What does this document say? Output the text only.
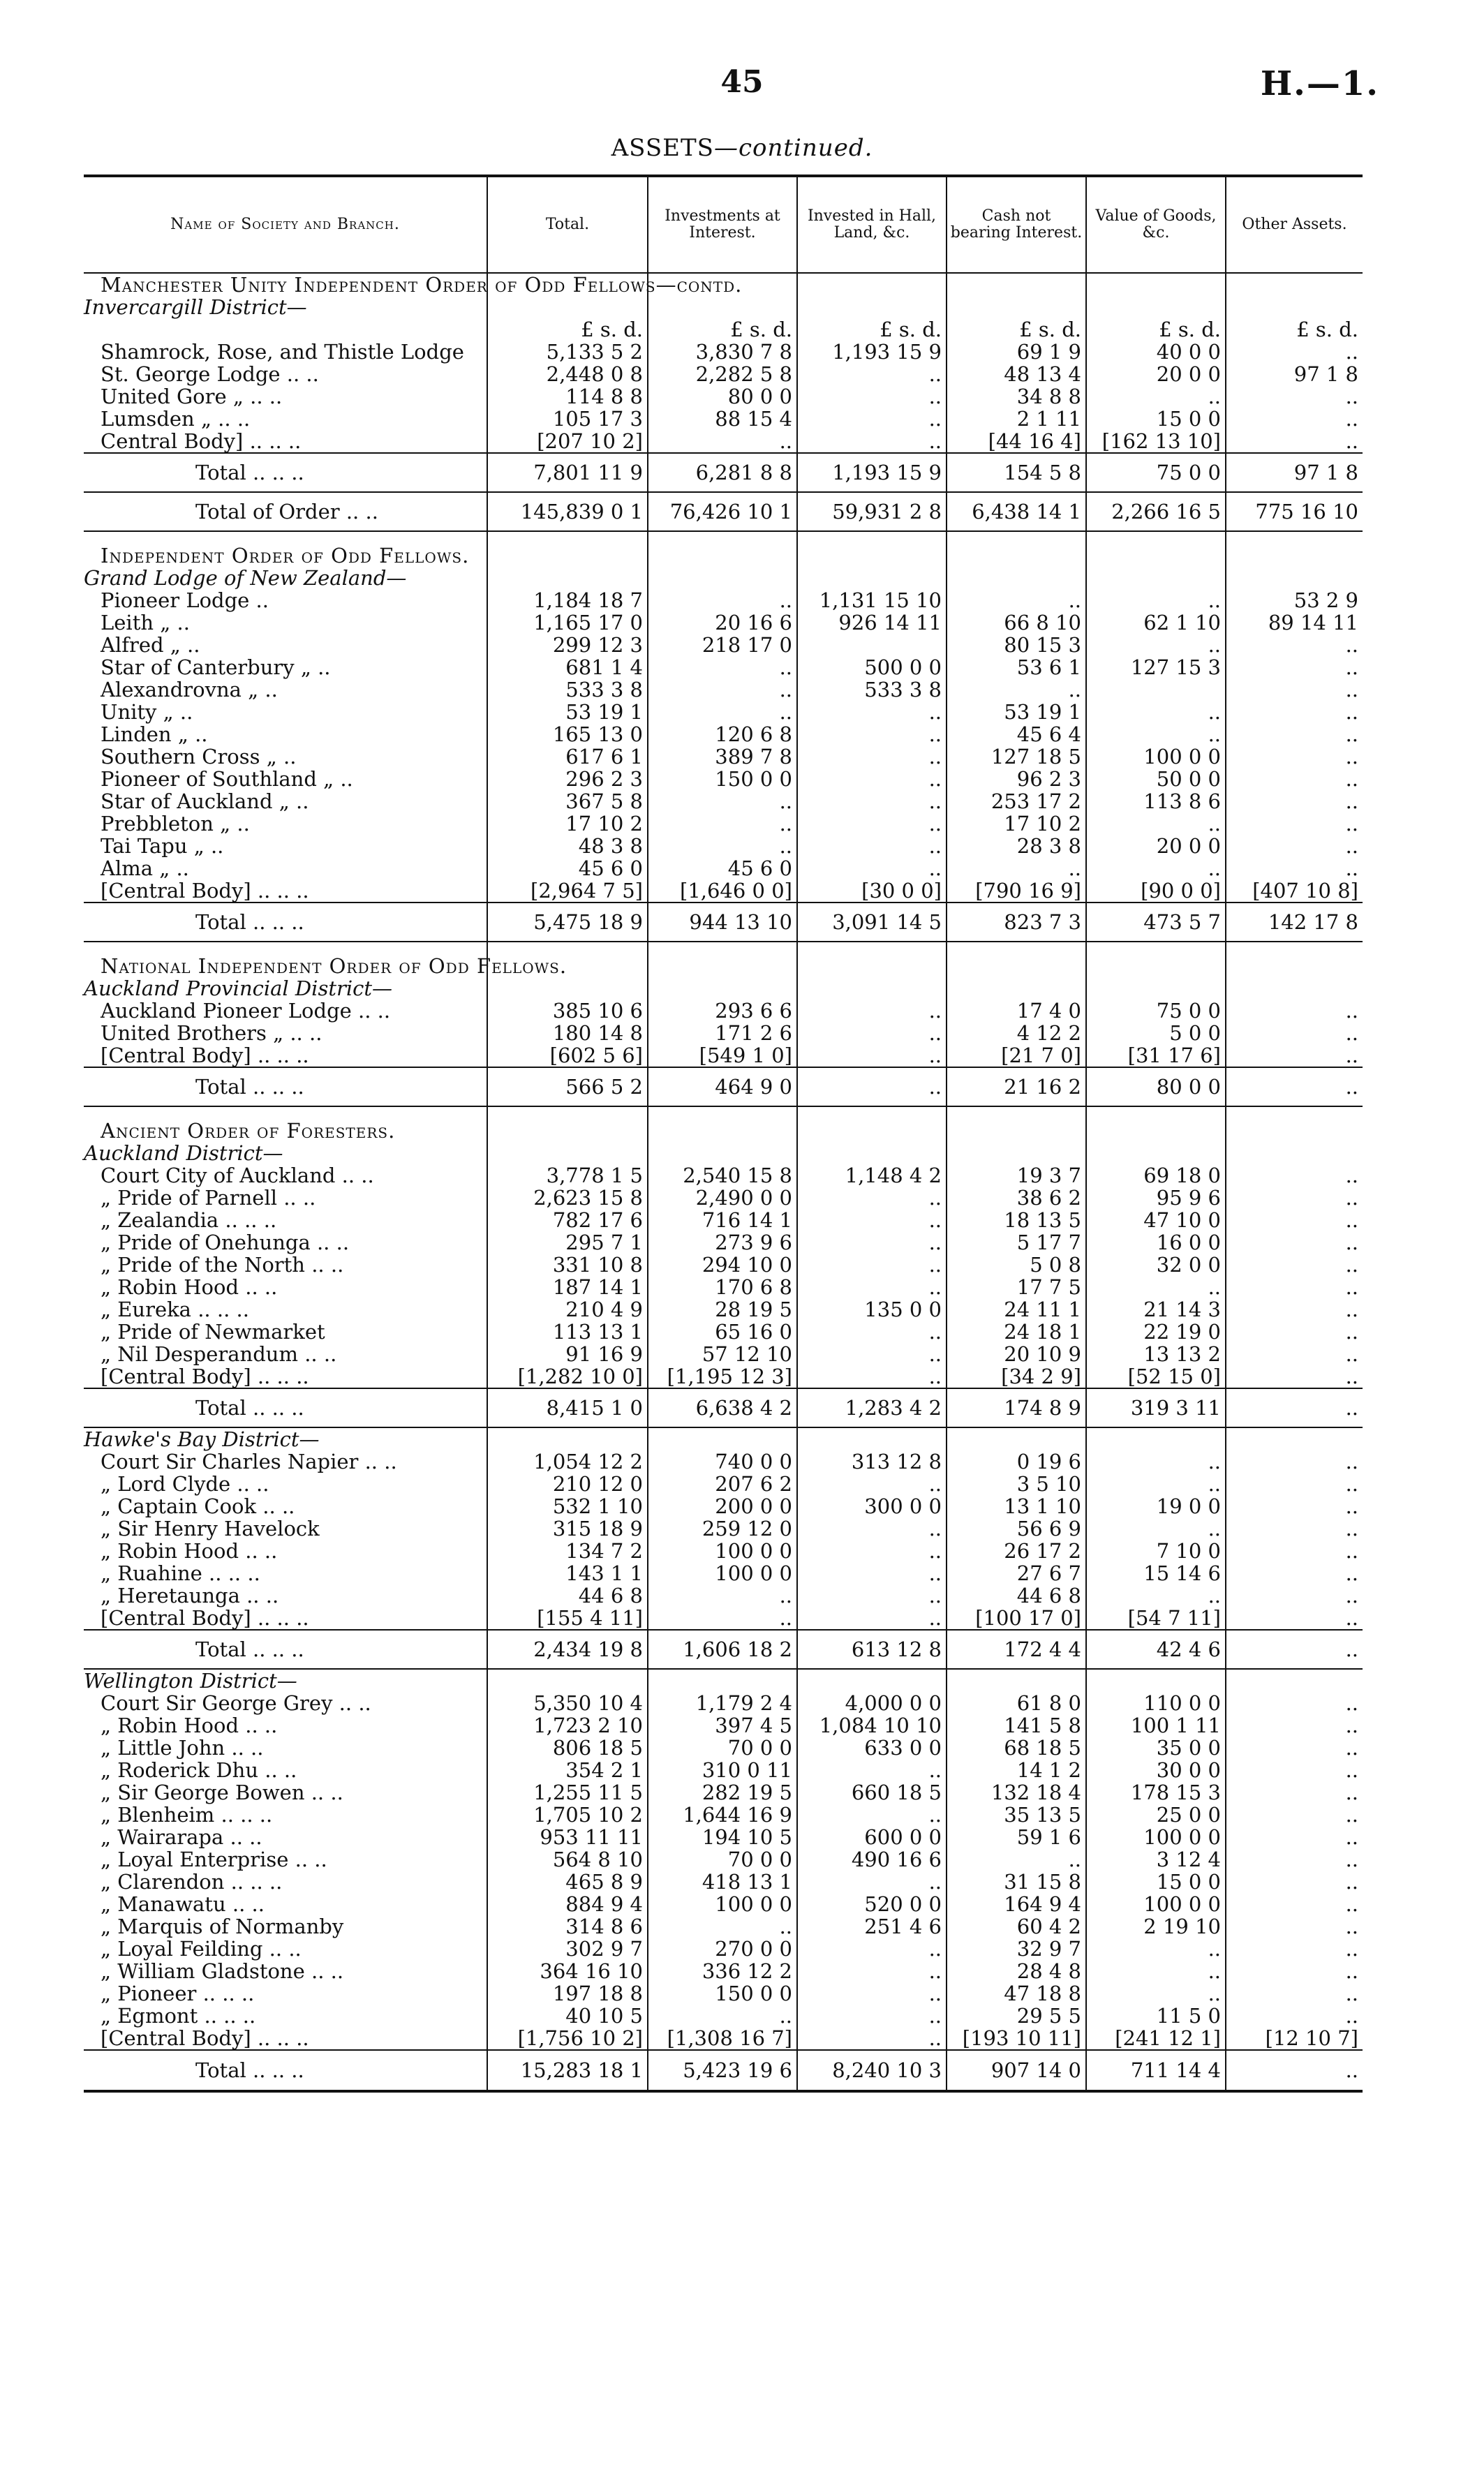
45	H.—1.
ASSETS—continued.
Name of Society and Branch.	Total.	Investments at Interest.	Invested in Hall, Land, &c.	Cash not bearing Interest.	Value of Goods, &c.	Other Assets.
Manchester Unity Independent Order of Odd Fellows—contd.						
Invercargill District—						
	£ s. d.	£ s. d.	£ s. d.	£ s. d.	£ s. d.	£ s. d.
Shamrock, Rose, and Thistle Lodge	5,133 5 2	3,830 7 8	1,193 15 9	69 1 9	40 0 0	..
St. George Lodge .. ..	2,448 0 8	2,282 5 8	..	48 13 4	20 0 0	97 1 8
United Gore „ .. ..	114 8 8	80 0 0	..	34 8 8	..	..
Lumsden „ .. ..	105 17 3	88 15 4	..	2 1 11	15 0 0	..
Central Body] .. .. ..	[207 10 2]	..	..	[44 16 4]	[162 13 10]	..
Total .. .. ..	7,801 11 9	6,281 8 8	1,193 15 9	154 5 8	75 0 0	97 1 8
Total of Order .. ..	145,839 0 1	76,426 10 1	59,931 2 8	6,438 14 1	2,266 16 5	775 16 10

Independent Order of Odd Fellows.						
Grand Lodge of New Zealand—						
Pioneer Lodge ..	1,184 18 7	..	1,131 15 10	..	..	53 2 9
Leith „ ..	1,165 17 0	20 16 6	926 14 11	66 8 10	62 1 10	89 14 11
Alfred „ ..	299 12 3	218 17 0		80 15 3	..	..
Star of Canterbury „ ..	681 1 4	..	500 0 0	53 6 1	127 15 3	..
Alexandrovna „ ..	533 3 8	..	533 3 8	..		..
Unity „ ..	53 19 1	..	..	53 19 1	..	..
Linden „ ..	165 13 0	120 6 8	..	45 6 4	..	..
Southern Cross „ ..	617 6 1	389 7 8	..	127 18 5	100 0 0	..
Pioneer of Southland „ ..	296 2 3	150 0 0	..	96 2 3	50 0 0	..
Star of Auckland „ ..	367 5 8	..	..	253 17 2	113 8 6	..
Prebbleton „ ..	17 10 2	..	..	17 10 2	..	..
Tai Tapu „ ..	48 3 8	..	..	28 3 8	20 0 0	..
Alma „ ..	45 6 0	45 6 0	..	..	..	..
[Central Body] .. .. ..	[2,964 7 5]	[1,646 0 0]	[30 0 0]	[790 16 9]	[90 0 0]	[407 10 8]
Total .. .. ..	5,475 18 9	944 13 10	3,091 14 5	823 7 3	473 5 7	142 17 8

National Independent Order of Odd Fellows.						
Auckland Provincial District—						
Auckland Pioneer Lodge .. ..	385 10 6	293 6 6	..	17 4 0	75 0 0	..
United Brothers „ .. ..	180 14 8	171 2 6	..	4 12 2	5 0 0	..
[Central Body] .. .. ..	[602 5 6]	[549 1 0]	..	[21 7 0]	[31 17 6]	..
Total .. .. ..	566 5 2	464 9 0	..	21 16 2	80 0 0	..

Ancient Order of Foresters.						
Auckland District—						
Court City of Auckland .. ..	3,778 1 5	2,540 15 8	1,148 4 2	19 3 7	69 18 0	..
„ Pride of Parnell .. ..	2,623 15 8	2,490 0 0	..	38 6 2	95 9 6	..
„ Zealandia .. .. ..	782 17 6	716 14 1	..	18 13 5	47 10 0	..
„ Pride of Onehunga .. ..	295 7 1	273 9 6	..	5 17 7	16 0 0	..
„ Pride of the North .. ..	331 10 8	294 10 0	..	5 0 8	32 0 0	..
„ Robin Hood .. ..	187 14 1	170 6 8	..	17 7 5	..	..
„ Eureka .. .. ..	210 4 9	28 19 5	135 0 0	24 11 1	21 14 3	..
„ Pride of Newmarket	113 13 1	65 16 0	..	24 18 1	22 19 0	..
„ Nil Desperandum .. ..	91 16 9	57 12 10	..	20 10 9	13 13 2	..
[Central Body] .. .. ..	[1,282 10 0]	[1,195 12 3]	..	[34 2 9]	[52 15 0]	..
Total .. .. ..	8,415 1 0	6,638 4 2	1,283 4 2	174 8 9	319 3 11	..
Hawke's Bay District—						
Court Sir Charles Napier .. ..	1,054 12 2	740 0 0	313 12 8	0 19 6	..	..
„ Lord Clyde .. ..	210 12 0	207 6 2	..	3 5 10	..	..
„ Captain Cook .. ..	532 1 10	200 0 0	300 0 0	13 1 10	19 0 0	..
„ Sir Henry Havelock	315 18 9	259 12 0	..	56 6 9	..	..
„ Robin Hood .. ..	134 7 2	100 0 0	..	26 17 2	7 10 0	..
„ Ruahine .. .. ..	143 1 1	100 0 0	..	27 6 7	15 14 6	..
„ Heretaunga .. ..	44 6 8	..	..	44 6 8	..	..
[Central Body] .. .. ..	[155 4 11]	..	..	[100 17 0]	[54 7 11]	..
Total .. .. ..	2,434 19 8	1,606 18 2	613 12 8	172 4 4	42 4 6	..
Wellington District—						
Court Sir George Grey .. ..	5,350 10 4	1,179 2 4	4,000 0 0	61 8 0	110 0 0	..
„ Robin Hood .. ..	1,723 2 10	397 4 5	1,084 10 10	141 5 8	100 1 11	..
„ Little John .. ..	806 18 5	70 0 0	633 0 0	68 18 5	35 0 0	..
„ Roderick Dhu .. ..	354 2 1	310 0 11	..	14 1 2	30 0 0	..
„ Sir George Bowen .. ..	1,255 11 5	282 19 5	660 18 5	132 18 4	178 15 3	..
„ Blenheim .. .. ..	1,705 10 2	1,644 16 9	..	35 13 5	25 0 0	..
„ Wairarapa .. ..	953 11 11	194 10 5	600 0 0	59 1 6	100 0 0	..
„ Loyal Enterprise .. ..	564 8 10	70 0 0	490 16 6	..	3 12 4	..
„ Clarendon .. .. ..	465 8 9	418 13 1	..	31 15 8	15 0 0	..
„ Manawatu .. ..	884 9 4	100 0 0	520 0 0	164 9 4	100 0 0	..
„ Marquis of Normanby	314 8 6	..	251 4 6	60 4 2	2 19 10	..
„ Loyal Feilding .. ..	302 9 7	270 0 0	..	32 9 7	..	..
„ William Gladstone .. ..	364 16 10	336 12 2	..	28 4 8	..	..
„ Pioneer .. .. ..	197 18 8	150 0 0	..	47 18 8	..	..
„ Egmont .. .. ..	40 10 5	..	..	29 5 5	11 5 0	..
[Central Body] .. .. ..	[1,756 10 2]	[1,308 16 7]	..	[193 10 11]	[241 12 1]	[12 10 7]
Total .. .. ..	15,283 18 1	5,423 19 6	8,240 10 3	907 14 0	711 14 4	..
